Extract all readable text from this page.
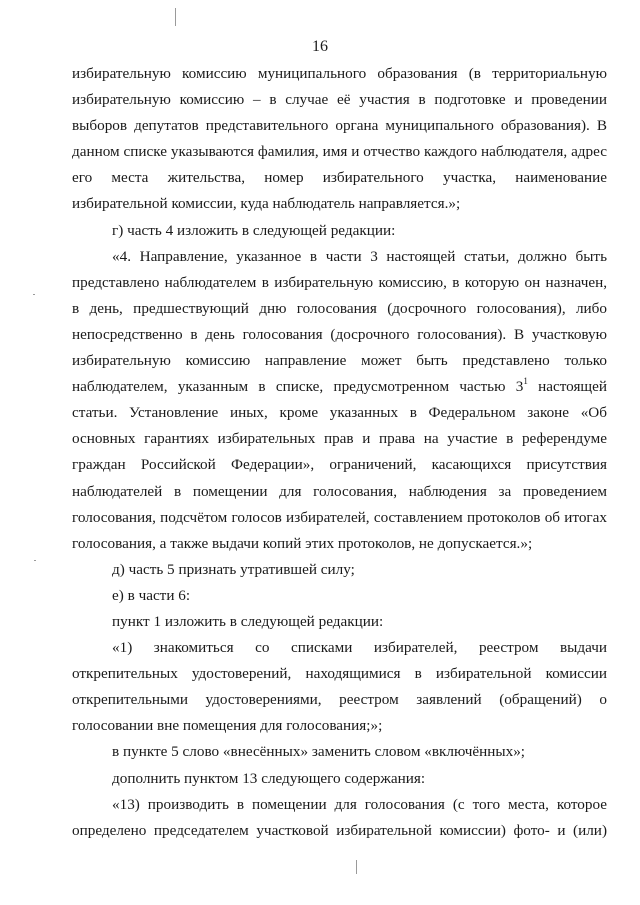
16
избирательную комиссию муниципального образования (в территориальную
избирательную комиссию – в случае её участия в подготовке и проведении
выборов депутатов представительного органа муниципального образования). В
данном списке указываются фамилия, имя и отчество каждого наблюдателя, адрес
его места жительства, номер избирательного участка, наименование
избирательной комиссии, куда наблюдатель направляется.»;
г) часть 4 изложить в следующей редакции:
«4. Направление, указанное в части 3 настоящей статьи, должно быть
представлено наблюдателем в избирательную комиссию, в которую он назначен,
в день, предшествующий дню голосования (досрочного голосования), либо
непосредственно в день голосования (досрочного голосования). В участковую
избирательную комиссию направление может быть представлено только
наблюдателем, указанным в списке, предусмотренном частью $3^1$ настоящей
статьи. Установление иных, кроме указанных в Федеральном законе «Об
основных гарантиях избирательных прав и права на участие в референдуме
граждан Российской Федерации», ограничений, касающихся присутствия
наблюдателей в помещении для голосования, наблюдения за проведением
голосования, подсчётом голосов избирателей, составлением протоколов об итогах
голосования, а также выдачи копий этих протоколов, не допускается.»;
д) часть 5 признать утратившей силу;
е) в части 6:
пункт 1 изложить в следующей редакции:
«1) знакомиться со списками избирателей, реестром выдачи
открепительных удостоверений, находящимися в избирательной комиссии
открепительными удостоверениями, реестром заявлений (обращений) о
голосовании вне помещения для голосования;»;
в пункте 5 слово «внесённых» заменить словом «включённых»;
дополнить пунктом 13 следующего содержания:
«13) производить в помещении для голосования (с того места, которое
определено председателем участковой избирательной комиссии) фото- и (или)
